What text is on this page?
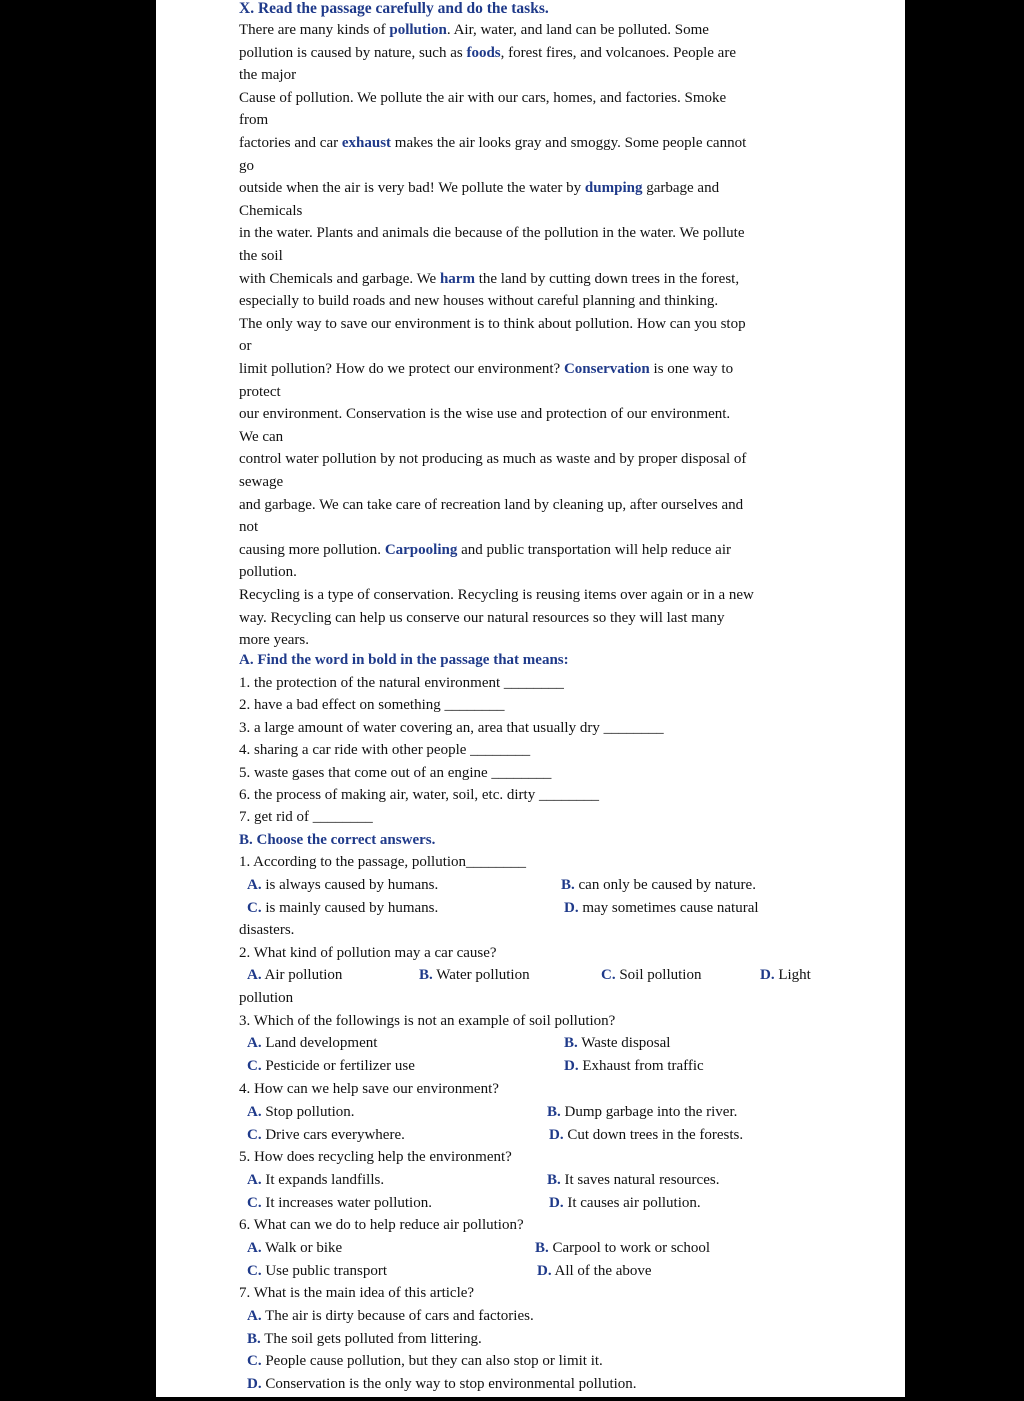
X. Read the passage carefully and do the tasks.
There are many kinds of pollution. Air, water, and land can be polluted. Some
pollution is caused by nature, such as foods, forest fires, and volcanoes. People are
the major
Cause of pollution. We pollute the air with our cars, homes, and factories. Smoke
from
factories and car exhaust makes the air looks gray and smoggy. Some people cannot
go
outside when the air is very bad! We pollute the water by dumping garbage and
Chemicals
in the water. Plants and animals die because of the pollution in the water. We pollute
the soil
with Chemicals and garbage. We harm the land by cutting down trees in the forest,
especially to build roads and new houses without careful planning and thinking.
The only way to save our environment is to think about pollution. How can you stop
or
limit pollution? How do we protect our environment? Conservation is one way to
protect
our environment. Conservation is the wise use and protection of our environment.
We can
control water pollution by not producing as much as waste and by proper disposal of
sewage
and garbage. We can take care of recreation land by cleaning up, after ourselves and
not
causing more pollution. Carpooling and public transportation will help reduce air
pollution.
Recycling is a type of conservation. Recycling is reusing items over again or in a new
way. Recycling can help us conserve our natural resources so they will last many
more years.
A. Find the word in bold in the passage that means:
1. the protection of the natural environment ________
2. have a bad effect on something ________
3. a large amount of water covering an, area that usually dry ________
4. sharing a car ride with other people ________
5. waste gases that come out of an engine ________
6. the process of making air, water, soil, etc. dirty ________
7. get rid of ________
B. Choose the correct answers.
1. According to the passage, pollution________
A. is always caused by humans.	B. can only be caused by nature.
C. is mainly caused by humans.	D. may sometimes cause natural
disasters.
2. What kind of pollution may a car cause?
A. Air pollution	B. Water pollution	C. Soil pollution	D. Light
pollution
3. Which of the followings is not an example of soil pollution?
A. Land development	B. Waste disposal
C. Pesticide or fertilizer use	D. Exhaust from traffic
4. How can we help save our environment?
A. Stop pollution.	B. Dump garbage into the river.
C. Drive cars everywhere.	D. Cut down trees in the forests.
5. How does recycling help the environment?
A. It expands landfills.	B. It saves natural resources.
C. It increases water pollution.	D. It causes air pollution.
6. What can we do to help reduce air pollution?
A. Walk or bike	B. Carpool to work or school
C. Use public transport	D. All of the above
7. What is the main idea of this article?
A. The air is dirty because of cars and factories.
B. The soil gets polluted from littering.
C. People cause pollution, but they can also stop or limit it.
D. Conservation is the only way to stop environmental pollution.
